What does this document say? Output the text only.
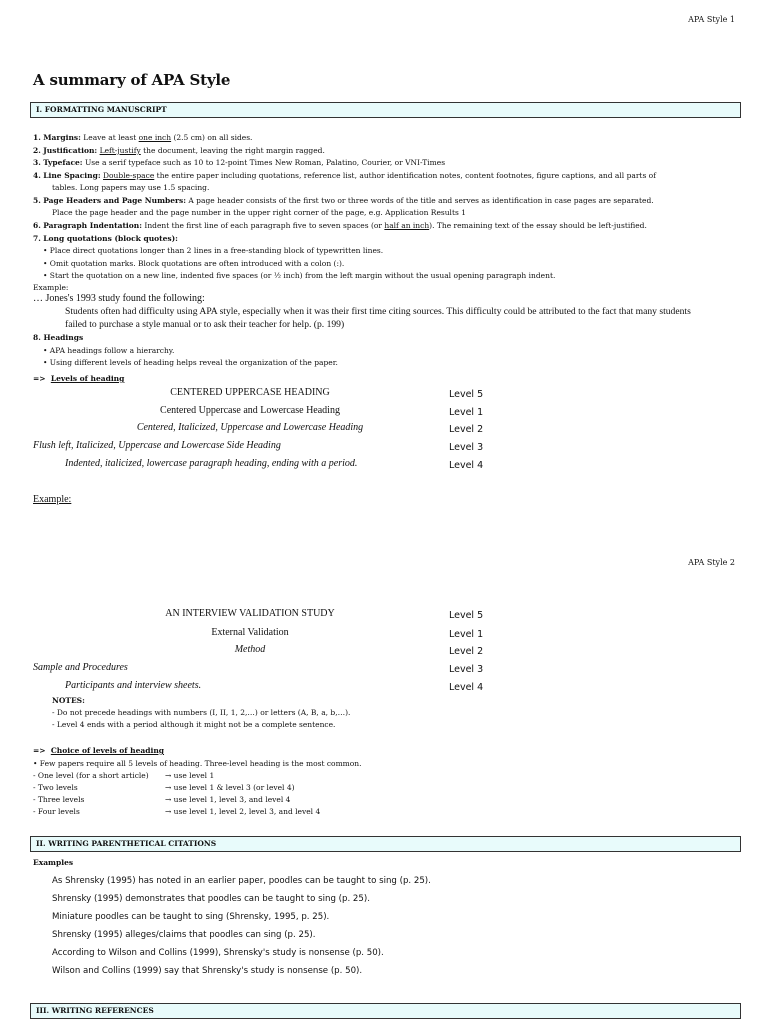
APA Style 1
A summary of APA Style
I. FORMATTING MANUSCRIPT
1. Margins: Leave at least one inch (2.5 cm) on all sides.
2. Justification: Left-justify the document, leaving the right margin ragged.
3. Typeface: Use a serif typeface such as 10 to 12-point Times New Roman, Palatino, Courier, or VNI-Times
4. Line Spacing: Double-space the entire paper including quotations, reference list, author identification notes, content footnotes, figure captions, and all parts of
tables. Long papers may use 1.5 spacing.
5. Page Headers and Page Numbers: A page header consists of the first two or three words of the title and serves as identification in case pages are separated.
Place the page header and the page number in the upper right corner of the page, e.g. Application Results 1
6. Paragraph Indentation: Indent the first line of each paragraph five to seven spaces (or half an inch). The remaining text of the essay should be left-justified.
7. Long quotations (block quotes):
• Place direct quotations longer than 2 lines in a free-standing block of typewritten lines.
• Omit quotation marks. Block quotations are often introduced with a colon (:).
• Start the quotation on a new line, indented five spaces (or ½ inch) from the left margin without the usual opening paragraph indent.
Example:
… Jones's 1993 study found the following:
Students often had difficulty using APA style, especially when it was their first time citing sources. This difficulty could be attributed to the fact that many students
failed to purchase a style manual or to ask their teacher for help. (p. 199)
8. Headings
• APA headings follow a hierarchy.
• Using different levels of heading helps reveal the organization of the paper.
=> Levels of heading
CENTERED UPPERCASE HEADING	Level 5
Centered Uppercase and Lowercase Heading	Level 1
Centered, Italicized, Uppercase and Lowercase Heading	Level 2
Flush left, Italicized, Uppercase and Lowercase Side Heading	Level 3
Indented, italicized, lowercase paragraph heading, ending with a period.	Level 4
Example:
APA Style 2
AN INTERVIEW VALIDATION STUDY	Level 5
External Validation	Level 1
Method	Level 2
Sample and Procedures	Level 3
Participants and interview sheets.	Level 4
NOTES:
- Do not precede headings with numbers (I, II, 1, 2,…) or letters (A, B, a, b,…).
- Level 4 ends with a period although it might not be a complete sentence.
=> Choice of levels of heading
• Few papers require all 5 levels of heading. Three-level heading is the most common.
- One level (for a short article) → use level 1
- Two levels	→ use level 1 & level 3 (or level 4)
- Three levels	→ use level 1, level 3, and level 4
- Four levels	→ use level 1, level 2, level 3, and level 4
II. WRITING PARENTHETICAL CITATIONS
Examples
As Shrensky (1995) has noted in an earlier paper, poodles can be taught to sing (p. 25).
Shrensky (1995) demonstrates that poodles can be taught to sing (p. 25).
Miniature poodles can be taught to sing (Shrensky, 1995, p. 25).
Shrensky (1995) alleges/claims that poodles can sing (p. 25).
According to Wilson and Collins (1999), Shrensky's study is nonsense (p. 50).
Wilson and Collins (1999) say that Shrensky's study is nonsense (p. 50).
III. WRITING REFERENCES
